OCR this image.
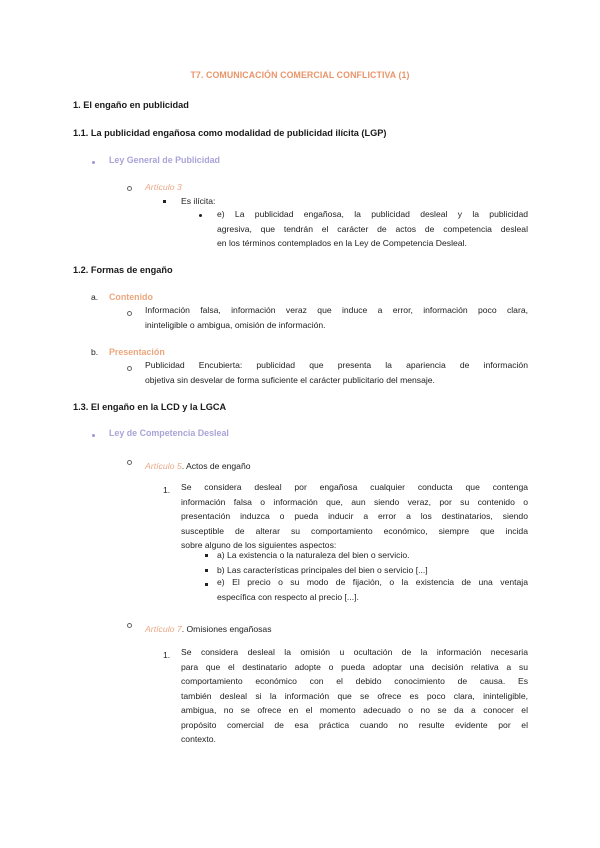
T7. COMUNICACIÓN COMERCIAL CONFLICTIVA (1)
1. El engaño en publicidad
1.1. La publicidad engañosa como modalidad de publicidad ilícita (LGP)
Ley General de Publicidad
Artículo 3
Es ilícita:
e) La publicidad engañosa, la publicidad desleal y la publicidad
agresiva, que tendrán el carácter de actos de competencia desleal
en los términos contemplados en la Ley de Competencia Desleal.
1.2. Formas de engaño
a. Contenido
Información falsa, información veraz que induce a error, información poco clara,
ininteligible o ambigua, omisión de información.
b. Presentación
Publicidad Encubierta: publicidad que presenta la apariencia de información
objetiva sin desvelar de forma suficiente el carácter publicitario del mensaje.
1.3. El engaño en la LCD y la LGCA
Ley de Competencia Desleal
Artículo 5. Actos de engaño
1. Se considera desleal por engañosa cualquier conducta que contenga
información falsa o información que, aun siendo veraz, por su contenido o
presentación induzca o pueda inducir a error a los destinatarios, siendo
susceptible de alterar su comportamiento económico, siempre que incida
sobre alguno de los siguientes aspectos:
a) La existencia o la naturaleza del bien o servicio.
b) Las características principales del bien o servicio [...]
e) El precio o su modo de fijación, o la existencia de una ventaja
específica con respecto al precio [...].
Artículo 7. Omisiones engañosas
1. Se considera desleal la omisión u ocultación de la información necesaria
para que el destinatario adopte o pueda adoptar una decisión relativa a su
comportamiento económico con el debido conocimiento de causa. Es
también desleal si la información que se ofrece es poco clara, ininteligible,
ambigua, no se ofrece en el momento adecuado o no se da a conocer el
propósito comercial de esa práctica cuando no resulte evidente por el
contexto.
